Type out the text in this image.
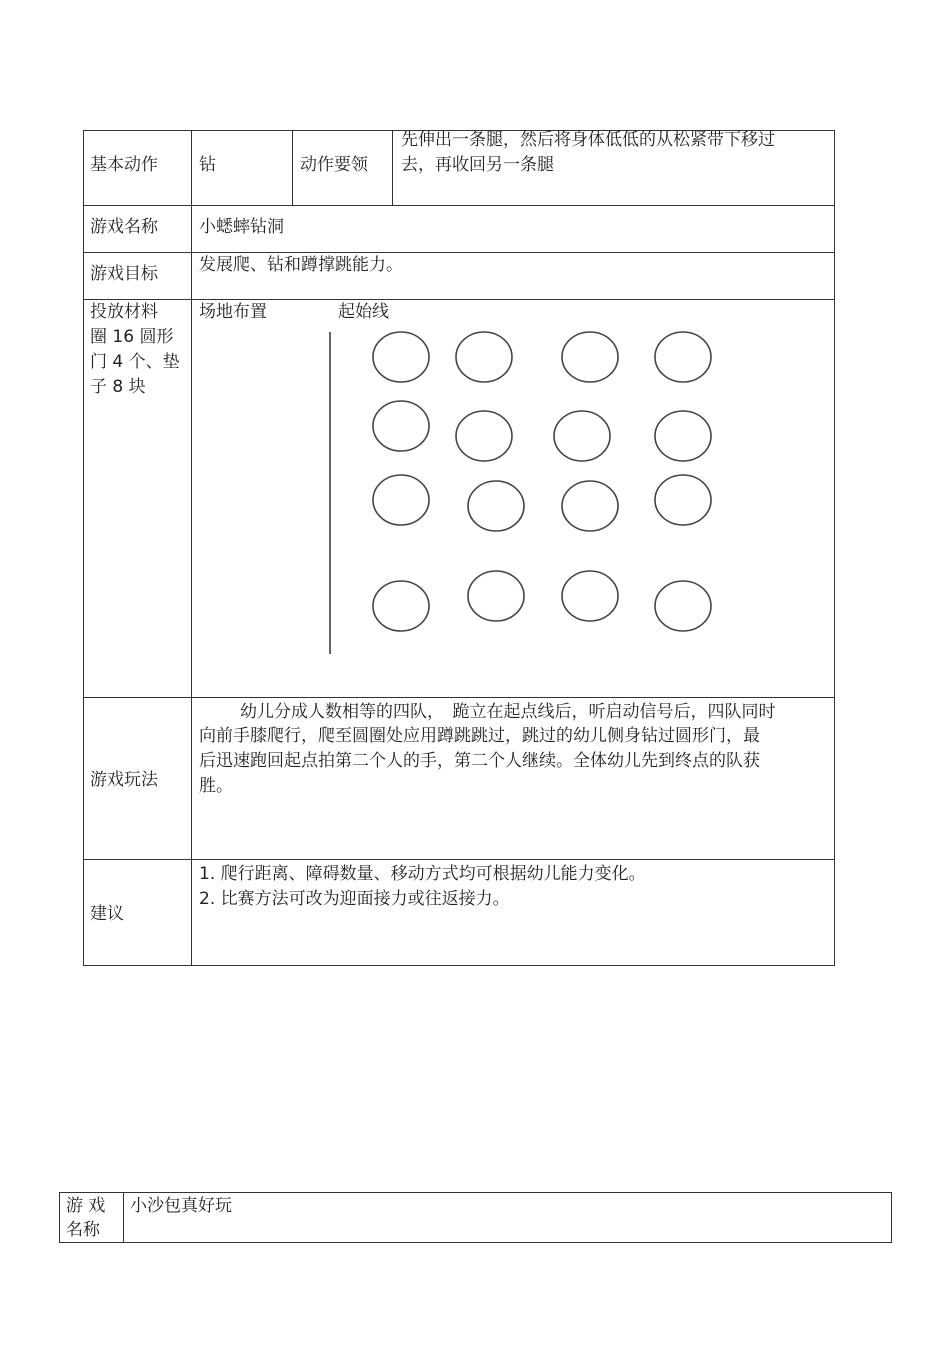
基本动作 钻	动作要领
先伸出一条腿，然后将身体低低的从松紧带下移过
去，再收回另一条腿
游戏名称 小蟋蟀钻洞
游戏目标 发展爬、钻和蹲撑跳能力。
投放材料
圈 16 圆形
门 4 个、垫
子 8 块
场地布置	起始线
游戏玩法
幼儿分成人数相等的四队，　跪立在起点线后，听启动信号后，四队同时
向前手膝爬行，爬至圆圈处应用蹲跳跳过，跳过的幼儿侧身钻过圆形门，最
后迅速跑回起点拍第二个人的手，第二个人继续。全体幼儿先到终点的队获
胜。
建议
1. 爬行距离、障碍数量、移动方式均可根据幼儿能力变化。
2. 比赛方法可改为迎面接力或往返接力。
游 戏
名称
小沙包真好玩
